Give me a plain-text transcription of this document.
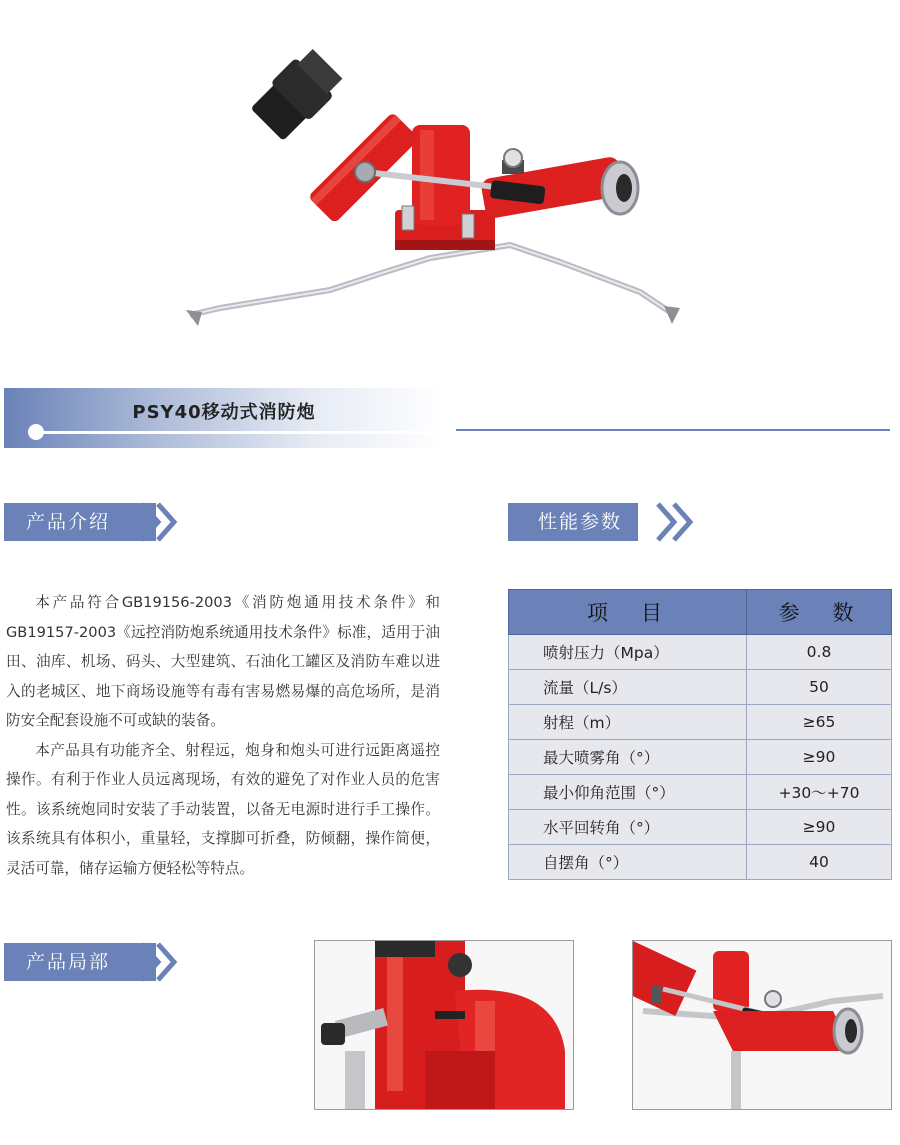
PSY40移动式消防炮
产品介绍	性能参数

本产品符合GB19156-2003《消防炮通用技术条件》和GB19157-2003《远控消防炮系统通用技术条件》标准，适用于油田、油库、机场、码头、大型建筑、石油化工罐区及消防车难以进入的老城区、地下商场设施等有毒有害易燃易爆的高危场所，是消防安全配套设施不可或缺的装备。

本产品具有功能齐全、射程远，炮身和炮头可进行远距离遥控操作。有利于作业人员远离现场，有效的避免了对作业人员的危害性。该系统炮同时安装了手动装置，以备无电源时进行手工操作。该系统具有体积小，重量轻，支撑脚可折叠，防倾翻，操作简便，灵活可靠，储存运输方便轻松等特点。

项　目	参　数
喷射压力（Mpa）	0.8
流量（L/s）	50
射程（m）	≥65
最大喷雾角（°）	≥90
最小仰角范围（°）	+30～+70
水平回转角（°）	≥90
自摆角（°）	40
产品局部
